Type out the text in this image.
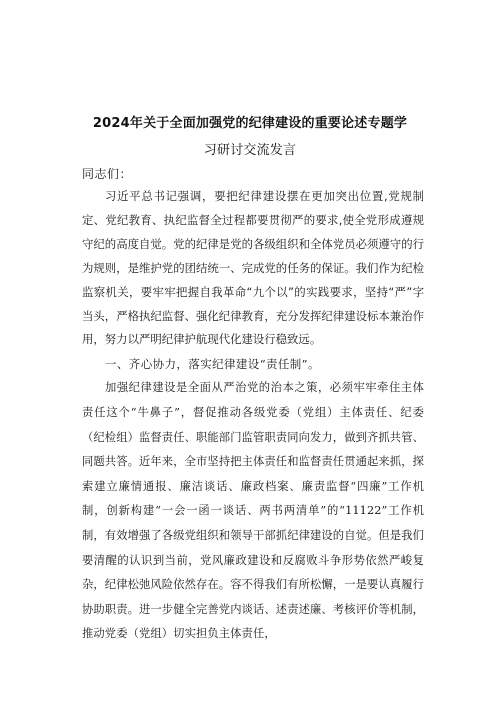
2024年关于全面加强党的纪律建设的重要论述专题学
习研讨交流发言

同志们：

习近平总书记强调，要把纪律建设摆在更加突出位置,党规制定、党纪教育、执纪监督全过程都要贯彻严的要求,使全党形成遵规守纪的高度自觉。党的纪律是党的各级组织和全体党员必须遵守的行为规则，是维护党的团结统一、完成党的任务的保证。我们作为纪检监察机关，要牢牢把握自我革命“九个以”的实践要求，坚持“严”字当头，严格执纪监督、强化纪律教育，充分发挥纪律建设标本兼治作用，努力以严明纪律护航现代化建设行稳致远。

一、齐心协力，落实纪律建设“责任制”。

加强纪律建设是全面从严治党的治本之策，必须牢牢牵住主体责任这个“牛鼻子”，督促推动各级党委（党组）主体责任、纪委（纪检组）监督责任、职能部门监管职责同向发力，做到齐抓共管、同题共答。近年来，全市坚持把主体责任和监督责任贯通起来抓，探索建立廉情通报、廉洁谈话、廉政档案、廉责监督“四廉”工作机制，创新构建“一会一函一谈话、两书两清单”的“11122”工作机制，有效增强了各级党组织和领导干部抓纪律建设的自觉。但是我们要清醒的认识到当前，党风廉政建设和反腐败斗争形势依然严峻复杂，纪律松弛风险依然存在。容不得我们有所松懈，一是要认真履行协助职责。进一步健全完善党内谈话、述责述廉、考核评价等机制，推动党委（党组）切实担负主体责任，
